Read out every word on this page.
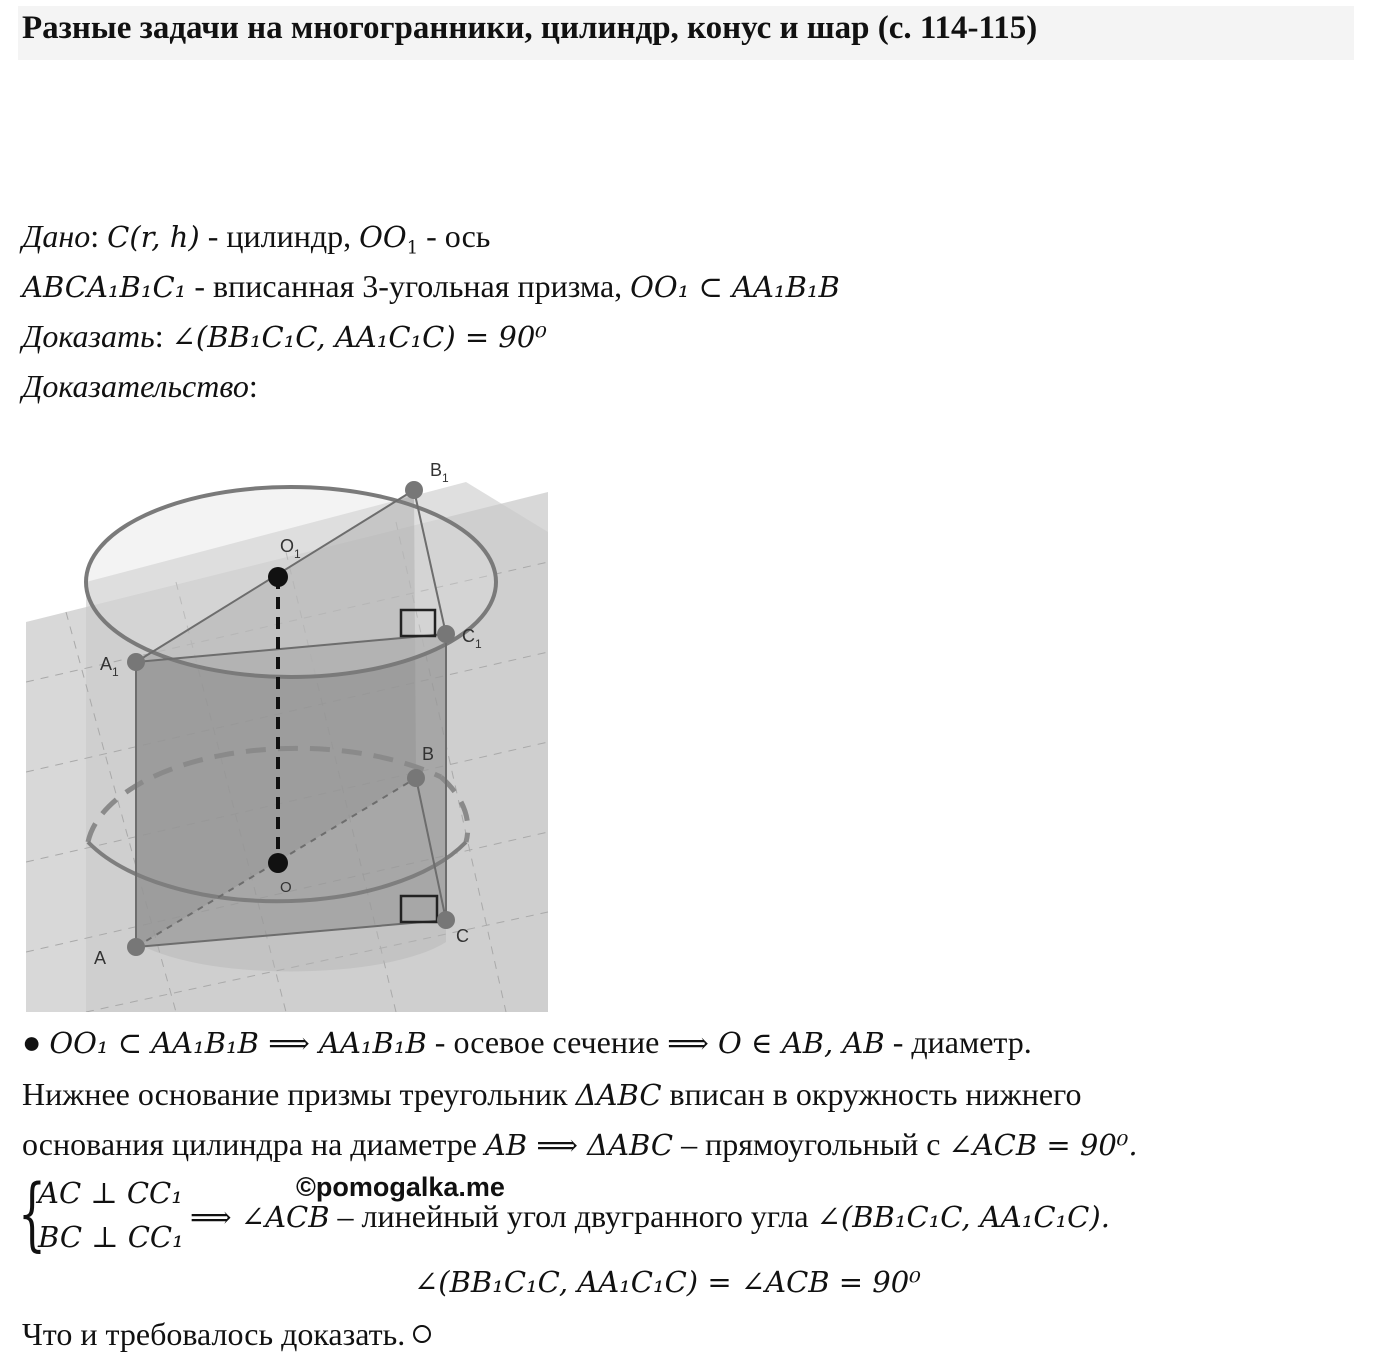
Разные задачи на многогранники, цилиндр, конус и шар (с. 114-115)
Дано: C(r, h) - цилиндр, $OO_1$ - ось
ABCA₁B₁C₁ - вписанная 3-угольная призма, OO₁ ⊂ AA₁B₁B
Доказать: ∠(BB₁C₁C, AA₁C₁C) = 90⁰
Доказательство:
$B_1$
$O_1$
$C_1$
$A_1$
B
O
C
A
● OO₁ ⊂ AA₁B₁B ⟹ AA₁B₁B - осевое сечение ⟹ O ∈ AB, AB - диаметр.
Нижнее основание призмы треугольник ΔABC вписан в окружность нижнего
основания цилиндра на диаметре AB ⟹ ΔABC – прямоугольный с ∠ACB = 90⁰.
{
AC ⊥ CC₁
BC ⊥ CC₁
⟹ ∠ACB – линейный угол двугранного угла ∠(BB₁C₁C, AA₁C₁C).
©pomogalka.me
∠(BB₁C₁C, AA₁C₁C) = ∠ACB = 90⁰
Что и требовалось доказать.
